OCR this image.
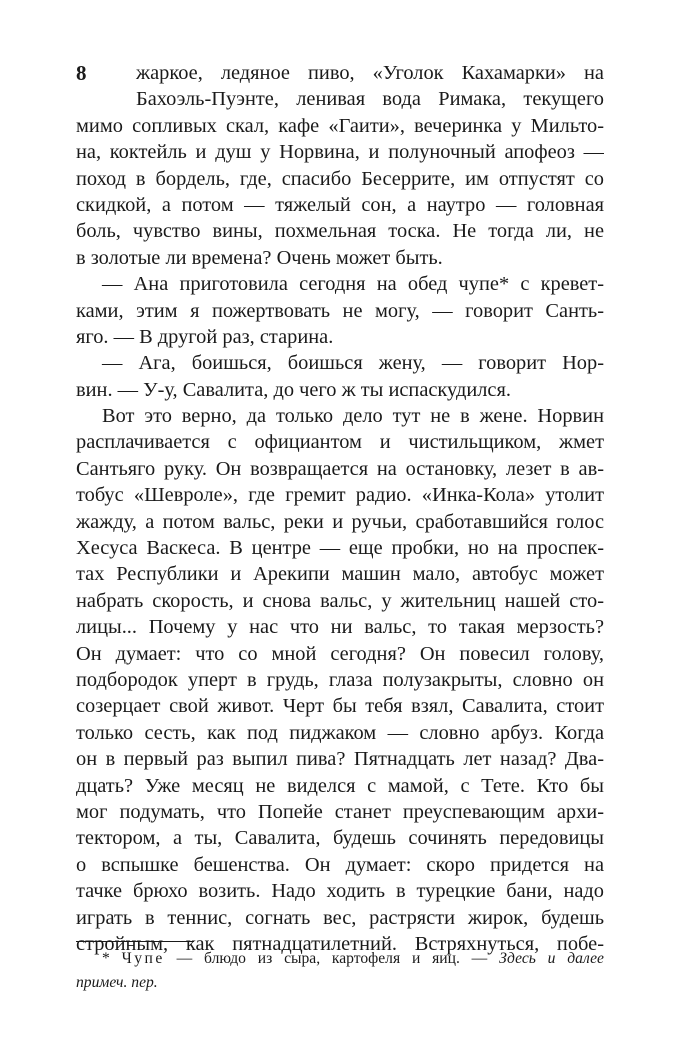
8	жаркое, ледяное пиво, «Уголок Кахамарки» на
Бахоэль-Пуэнте, ленивая вода Римака, текущего
мимо сопливых скал, кафе «Гаити», вечеринка у Мильто-
на, коктейль и душ у Норвина, и полуночный апофеоз —
поход в бордель, где, спасибо Бесеррите, им отпустят со
скидкой, а потом — тяжелый сон, а наутро — головная
боль, чувство вины, похмельная тоска. Не тогда ли, не
в золотые ли времена? Очень может быть.
— Ана приготовила сегодня на обед чупе* с кревет-
ками, этим я пожертвовать не могу, — говорит Санть-
яго. — В другой раз, старина.
— Ага, боишься, боишься жену, — говорит Нор-
вин. — У-у, Савалита, до чего ж ты испаскудился.
Вот это верно, да только дело тут не в жене. Норвин
расплачивается с официантом и чистильщиком, жмет
Сантьяго руку. Он возвращается на остановку, лезет в ав-
тобус «Шевроле», где гремит радио. «Инка-Кола» утолит
жажду, а потом вальс, реки и ручьи, сработавшийся голос
Хесуса Васкеса. В центре — еще пробки, но на проспек-
тах Республики и Арекипи машин мало, автобус может
набрать скорость, и снова вальс, у жительниц нашей сто-
лицы... Почему у нас что ни вальс, то такая мерзость?
Он думает: что со мной сегодня? Он повесил голову,
подбородок уперт в грудь, глаза полузакрыты, словно он
созерцает свой живот. Черт бы тебя взял, Савалита, стоит
только сесть, как под пиджаком — словно арбуз. Когда
он в первый раз выпил пива? Пятнадцать лет назад? Два-
дцать? Уже месяц не виделся с мамой, с Тете. Кто бы
мог подумать, что Попейе станет преуспевающим архи-
тектором, а ты, Савалита, будешь сочинять передовицы
о вспышке бешенства. Он думает: скоро придется на
тачке брюхо возить. Надо ходить в турецкие бани, надо
играть в теннис, согнать вес, растрясти жирок, будешь
стройным, как пятнадцатилетний. Встряхнуться, побе-
* Чупе — блюдо из сыра, картофеля и яиц. — Здесь и далее
примеч. пер.
